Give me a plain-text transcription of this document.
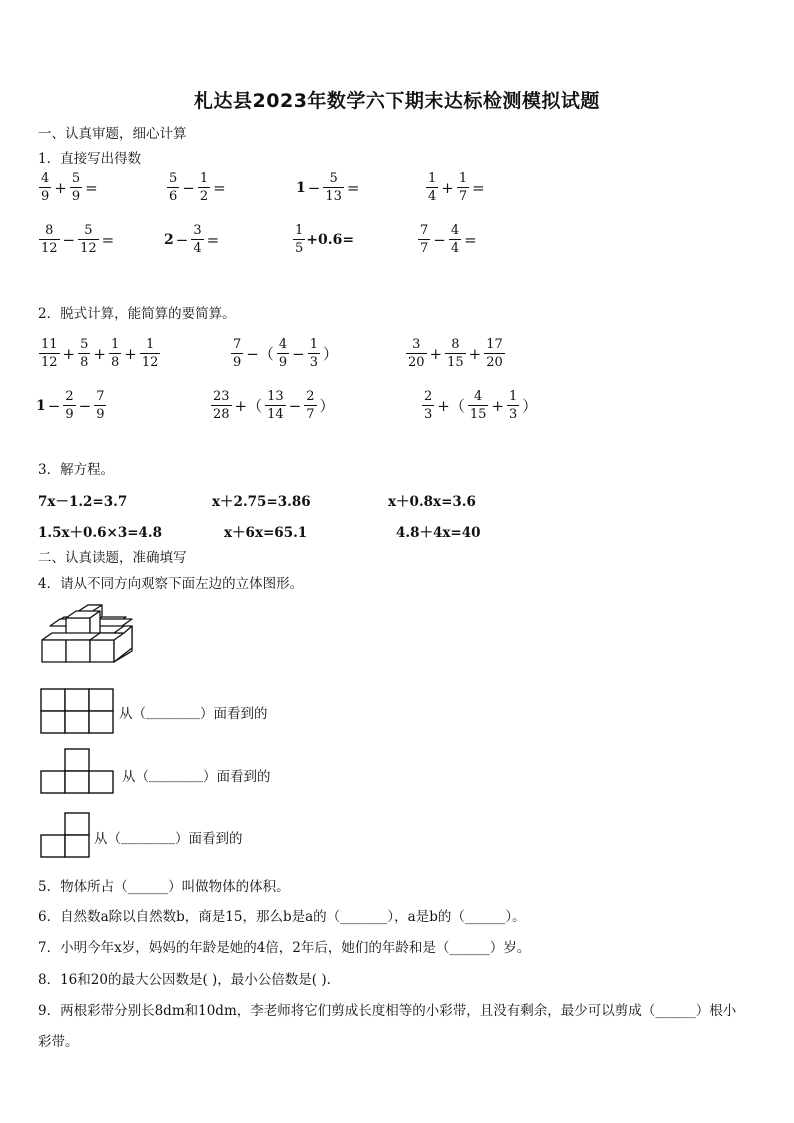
札达县2023年数学六下期末达标检测模拟试题
一、认真审题，细心计算
1．直接写出得数
$\frac{4}{9} + \frac{5}{9}$ =	$\frac{5}{6} - \frac{1}{2}$ =	$1 - \frac{5}{13}$ =	$\frac{1}{4} + \frac{1}{7}$ =
$\frac{8}{12} - \frac{5}{12}$ =	$2 - \frac{3}{4}$ =	$\frac{1}{5} +0.6=$	$\frac{7}{7} - \frac{4}{4}$ =
2．脱式计算，能简算的要简算。
$\frac{11}{12} + \frac{5}{8} + \frac{1}{8} + \frac{1}{12}$	$\frac{7}{9}$ −（ $\frac{4}{9} - \frac{1}{3}$ ）	$\frac{3}{20} + \frac{8}{15} + \frac{17}{20}$
$1 - \frac{2}{9} - \frac{7}{9}$	$\frac{23}{28}$ +（ $\frac{13}{14} - \frac{2}{7}$ ）	$\frac{2}{3}$ +（ $\frac{4}{15} + \frac{1}{3}$ ）
3．解方程。
7x－1.2=3.7	x＋2.75=3.86	x＋0.8x=3.6
1.5x＋0.6×3=4.8	x＋6x=65.1	4.8＋4x=40
二、认真读题，准确填写
4．请从不同方向观察下面左边的立体图形。
从（ ________ ）面看到的
从（ ________ ）面看到的
从（ ________ ）面看到的
5．物体所占（______）叫做物体的体积。
6．自然数a除以自然数b，商是15，那么b是a的（_______），a是b的（______）。
7．小明今年x岁，妈妈的年龄是她的4倍，2年后，她们的年龄和是（______）岁。
8．16和20的最大公因数是( )，最小公倍数是( ).
9．两根彩带分别长8dm和10dm，李老师将它们剪成长度相等的小彩带，且没有剩余，最少可以剪成（______）根小
彩带。
